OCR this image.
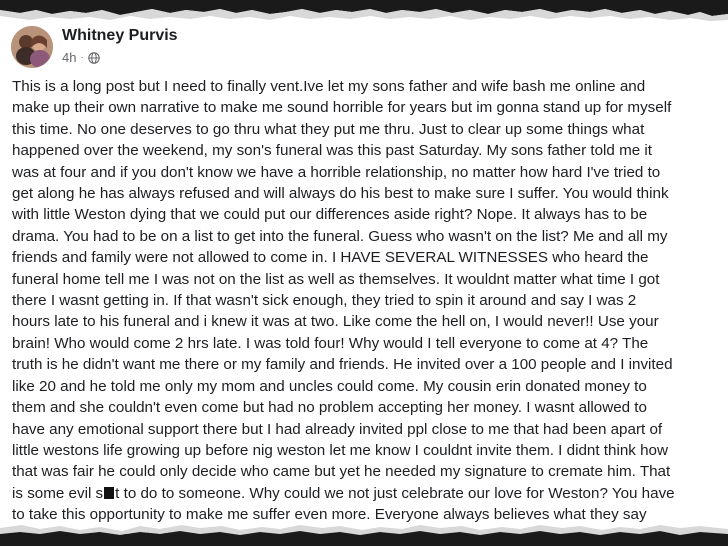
Whitney Purvis
4h ·
This is a long post but I need to finally vent.Ive let my sons father and wife bash me online and
make up their own narrative to make me sound horrible for years but im gonna stand up for myself
this time. No one deserves to go thru what they put me thru. Just to clear up some things what
happened over the weekend, my son's funeral was this past Saturday. My sons father told me it
was at four and if you don't know we have a horrible relationship, no matter how hard I've tried to
get along he has always refused and will always do his best to make sure I suffer. You would think
with little Weston dying that we could put our differences aside right? Nope. It always has to be
drama. You had to be on a list to get into the funeral. Guess who wasn't on the list? Me and all my
friends and family were not allowed to come in. I HAVE SEVERAL WITNESSES who heard the
funeral home tell me I was not on the list as well as themselves. It wouldnt matter what time I got
there I wasnt getting in. If that wasn't sick enough, they tried to spin it around and say I was 2
hours late to his funeral and i knew it was at two. Like come the hell on, I would never!! Use your
brain! Who would come 2 hrs late. I was told four! Why would I tell everyone to come at 4? The
truth is he didn't want me there or my family and friends. He invited over a 100 people and I invited
like 20 and he told me only my mom and uncles could come. My cousin erin donated money to
them and she couldn't even come but had no problem accepting her money. I wasnt allowed to
have any emotional support there but I had already invited ppl close to me that had been apart of
little westons life growing up before nig weston let me know I couldnt invite them. I didnt think how
that was fair he could only decide who came but yet he needed my signature to cremate him. That
is some evil s t to do to someone. Why could we not just celebrate our love for Weston? You have
to take this opportunity to make me suffer even more. Everyone always believes what they say
